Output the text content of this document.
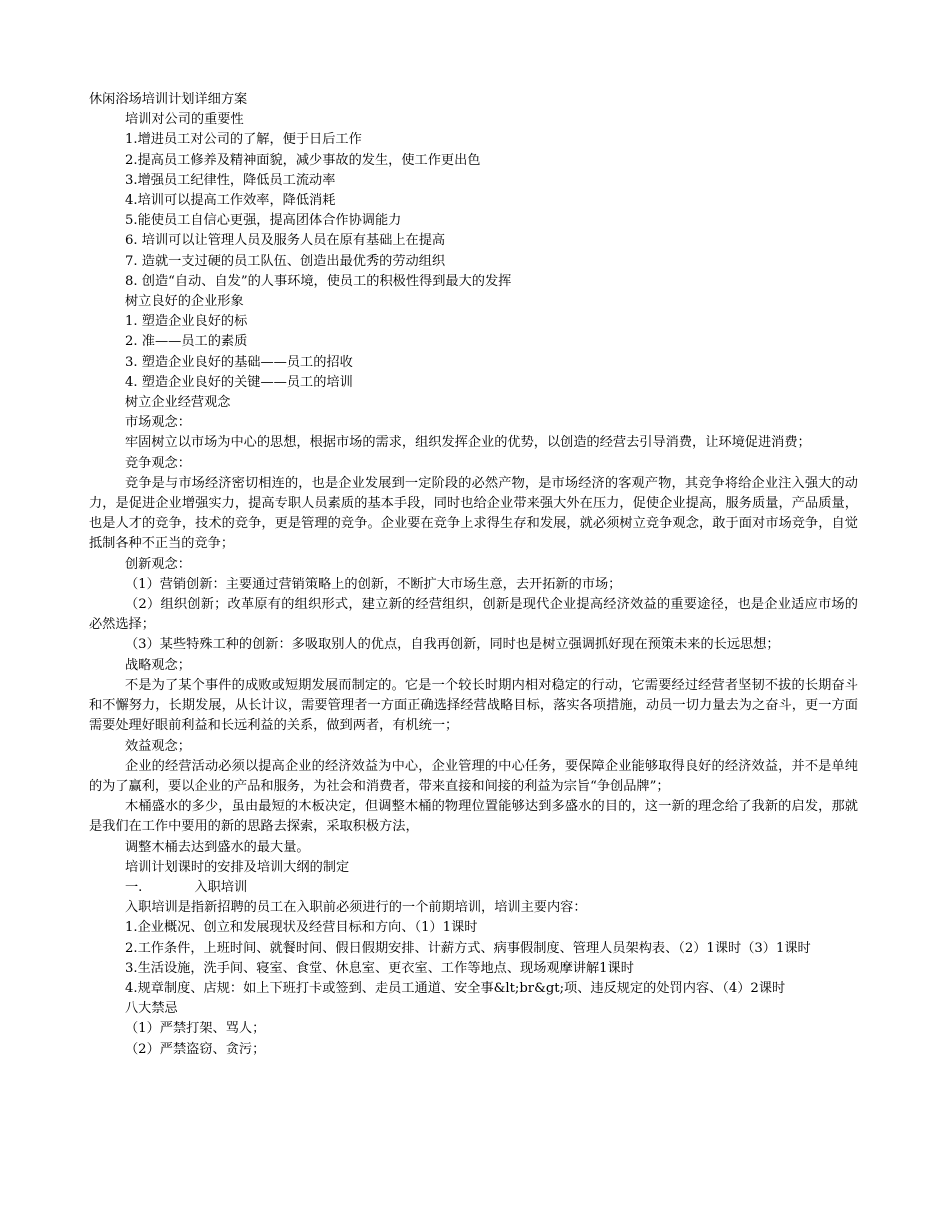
休闲浴场培训计划详细方案

培训对公司的重要性

1.增进员工对公司的了解，便于日后工作

2.提高员工修养及精神面貌，减少事故的发生，使工作更出色

3.增强员工纪律性，降低员工流动率

4.培训可以提高工作效率，降低消耗

5.能使员工自信心更强，提高团体合作协调能力

6. 培训可以让管理人员及服务人员在原有基础上在提高

7. 造就一支过硬的员工队伍、创造出最优秀的劳动组织

8. 创造“自动、自发”的人事环境，使员工的积极性得到最大的发挥

树立良好的企业形象

1. 塑造企业良好的标

2. 准——员工的素质

3. 塑造企业良好的基础——员工的招收

4. 塑造企业良好的关键——员工的培训

树立企业经营观念

市场观念：

牢固树立以市场为中心的思想，根据市场的需求，组织发挥企业的优势，以创造的经营去引导消费，让环境促进消费；

竞争观念：

竞争是与市场经济密切相连的，也是企业发展到一定阶段的必然产物，是市场经济的客观产物，其竞争将给企业注入强大的动力，是促进企业增强实力，提高专职人员素质的基本手段，同时也给企业带来强大外在压力，促使企业提高，服务质量，产品质量，也是人才的竞争，技术的竞争，更是管理的竞争。企业要在竞争上求得生存和发展，就必须树立竞争观念，敢于面对市场竞争，自觉抵制各种不正当的竞争；

创新观念：

（1）营销创新：主要通过营销策略上的创新，不断扩大市场生意，去开拓新的市场；

（2）组织创新；改革原有的组织形式，建立新的经营组织，创新是现代企业提高经济效益的重要途径，也是企业适应市场的必然选择；

（3）某些特殊工种的创新：多吸取别人的优点，自我再创新，同时也是树立强调抓好现在预策未来的长远思想；

战略观念；

不是为了某个事件的成败或短期发展而制定的。它是一个较长时期内相对稳定的行动，它需要经过经营者坚韧不拔的长期奋斗和不懈努力，长期发展，从长计议，需要管理者一方面正确选择经营战略目标，落实各项措施，动员一切力量去为之奋斗，更一方面需要处理好眼前利益和长远利益的关系，做到两者，有机统一；

效益观念；

企业的经营活动必须以提高企业的经济效益为中心，企业管理的中心任务，要保障企业能够取得良好的经济效益，并不是单纯的为了赢利，要以企业的产品和服务，为社会和消费者，带来直接和间接的利益为宗旨“争创品牌”；

木桶盛水的多少，虽由最短的木板决定，但调整木桶的物理位置能够达到多盛水的目的，这一新的理念给了我新的启发，那就是我们在工作中要用的新的思路去探索，采取积极方法，

调整木桶去达到盛水的最大量。

培训计划课时的安排及培训大纲的制定

一.	入职培训

入职培训是指新招聘的员工在入职前必须进行的一个前期培训，培训主要内容：

1.企业概况、创立和发展现状及经营目标和方向、（1）1课时

2.工作条件，上班时间、就餐时间、假日假期安排、计薪方式、病事假制度、管理人员架构表、（2）1课时（3）1课时

3.生活设施，洗手间、寝室、食堂、休息室、更衣室、工作等地点、现场观摩讲解1课时

4.规章制度、店规：如上下班打卡或签到、走员工通道、安全事&lt;br&gt;项、违反规定的处罚内容、（4）2课时

八大禁忌

（1）严禁打架、骂人；

（2）严禁盗窃、贪污；
